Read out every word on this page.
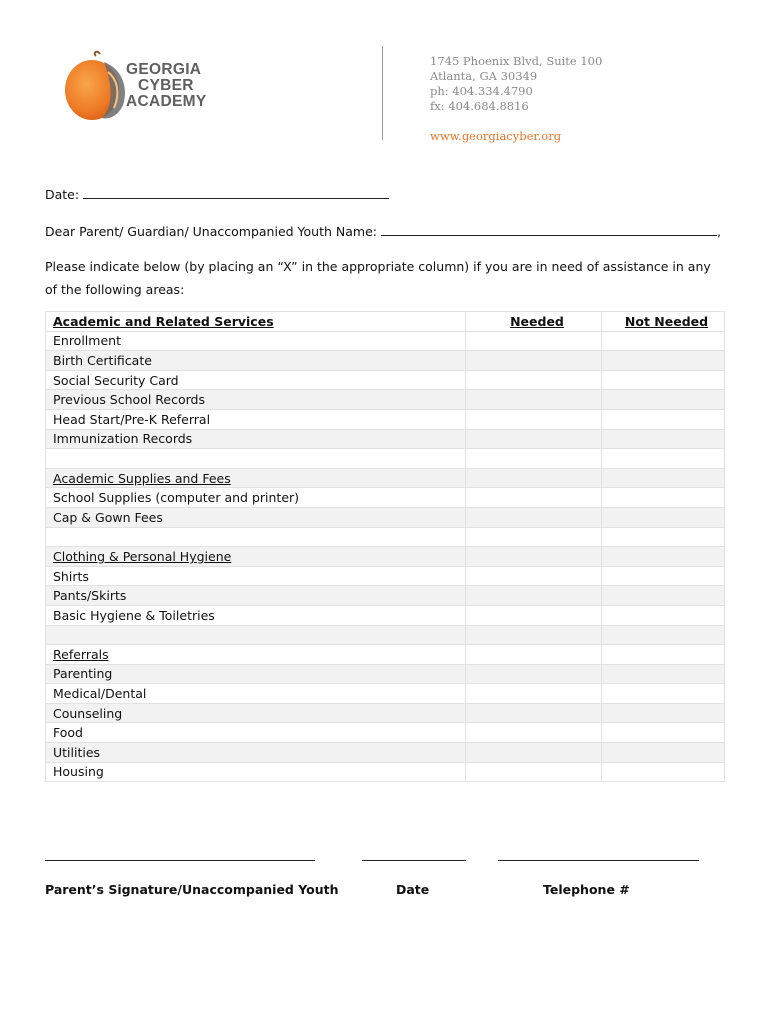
GEORGIA
CYBER
ACADEMY
1745 Phoenix Blvd, Suite 100
Atlanta, GA 30349
ph: 404.334.4790
fx: 404.684.8816
www.georgiacyber.org
Date:
Dear Parent/ Guardian/ Unaccompanied Youth Name:	,
Please indicate below (by placing an “X” in the appropriate column) if you are in need of assistance in any of the following areas:
Academic and Related Services	Needed	Not Needed
Enrollment		
Birth Certificate		
Social Security Card		
Previous School Records		
Head Start/Pre-K Referral		
Immunization Records		

Academic Supplies and Fees		
School Supplies (computer and printer)		
Cap & Gown Fees		

Clothing & Personal Hygiene		
Shirts		
Pants/Skirts		
Basic Hygiene & Toiletries		

Referrals		
Parenting		
Medical/Dental		
Counseling		
Food		
Utilities		
Housing		
Parent’s Signature/Unaccompanied Youth	Date	Telephone #
